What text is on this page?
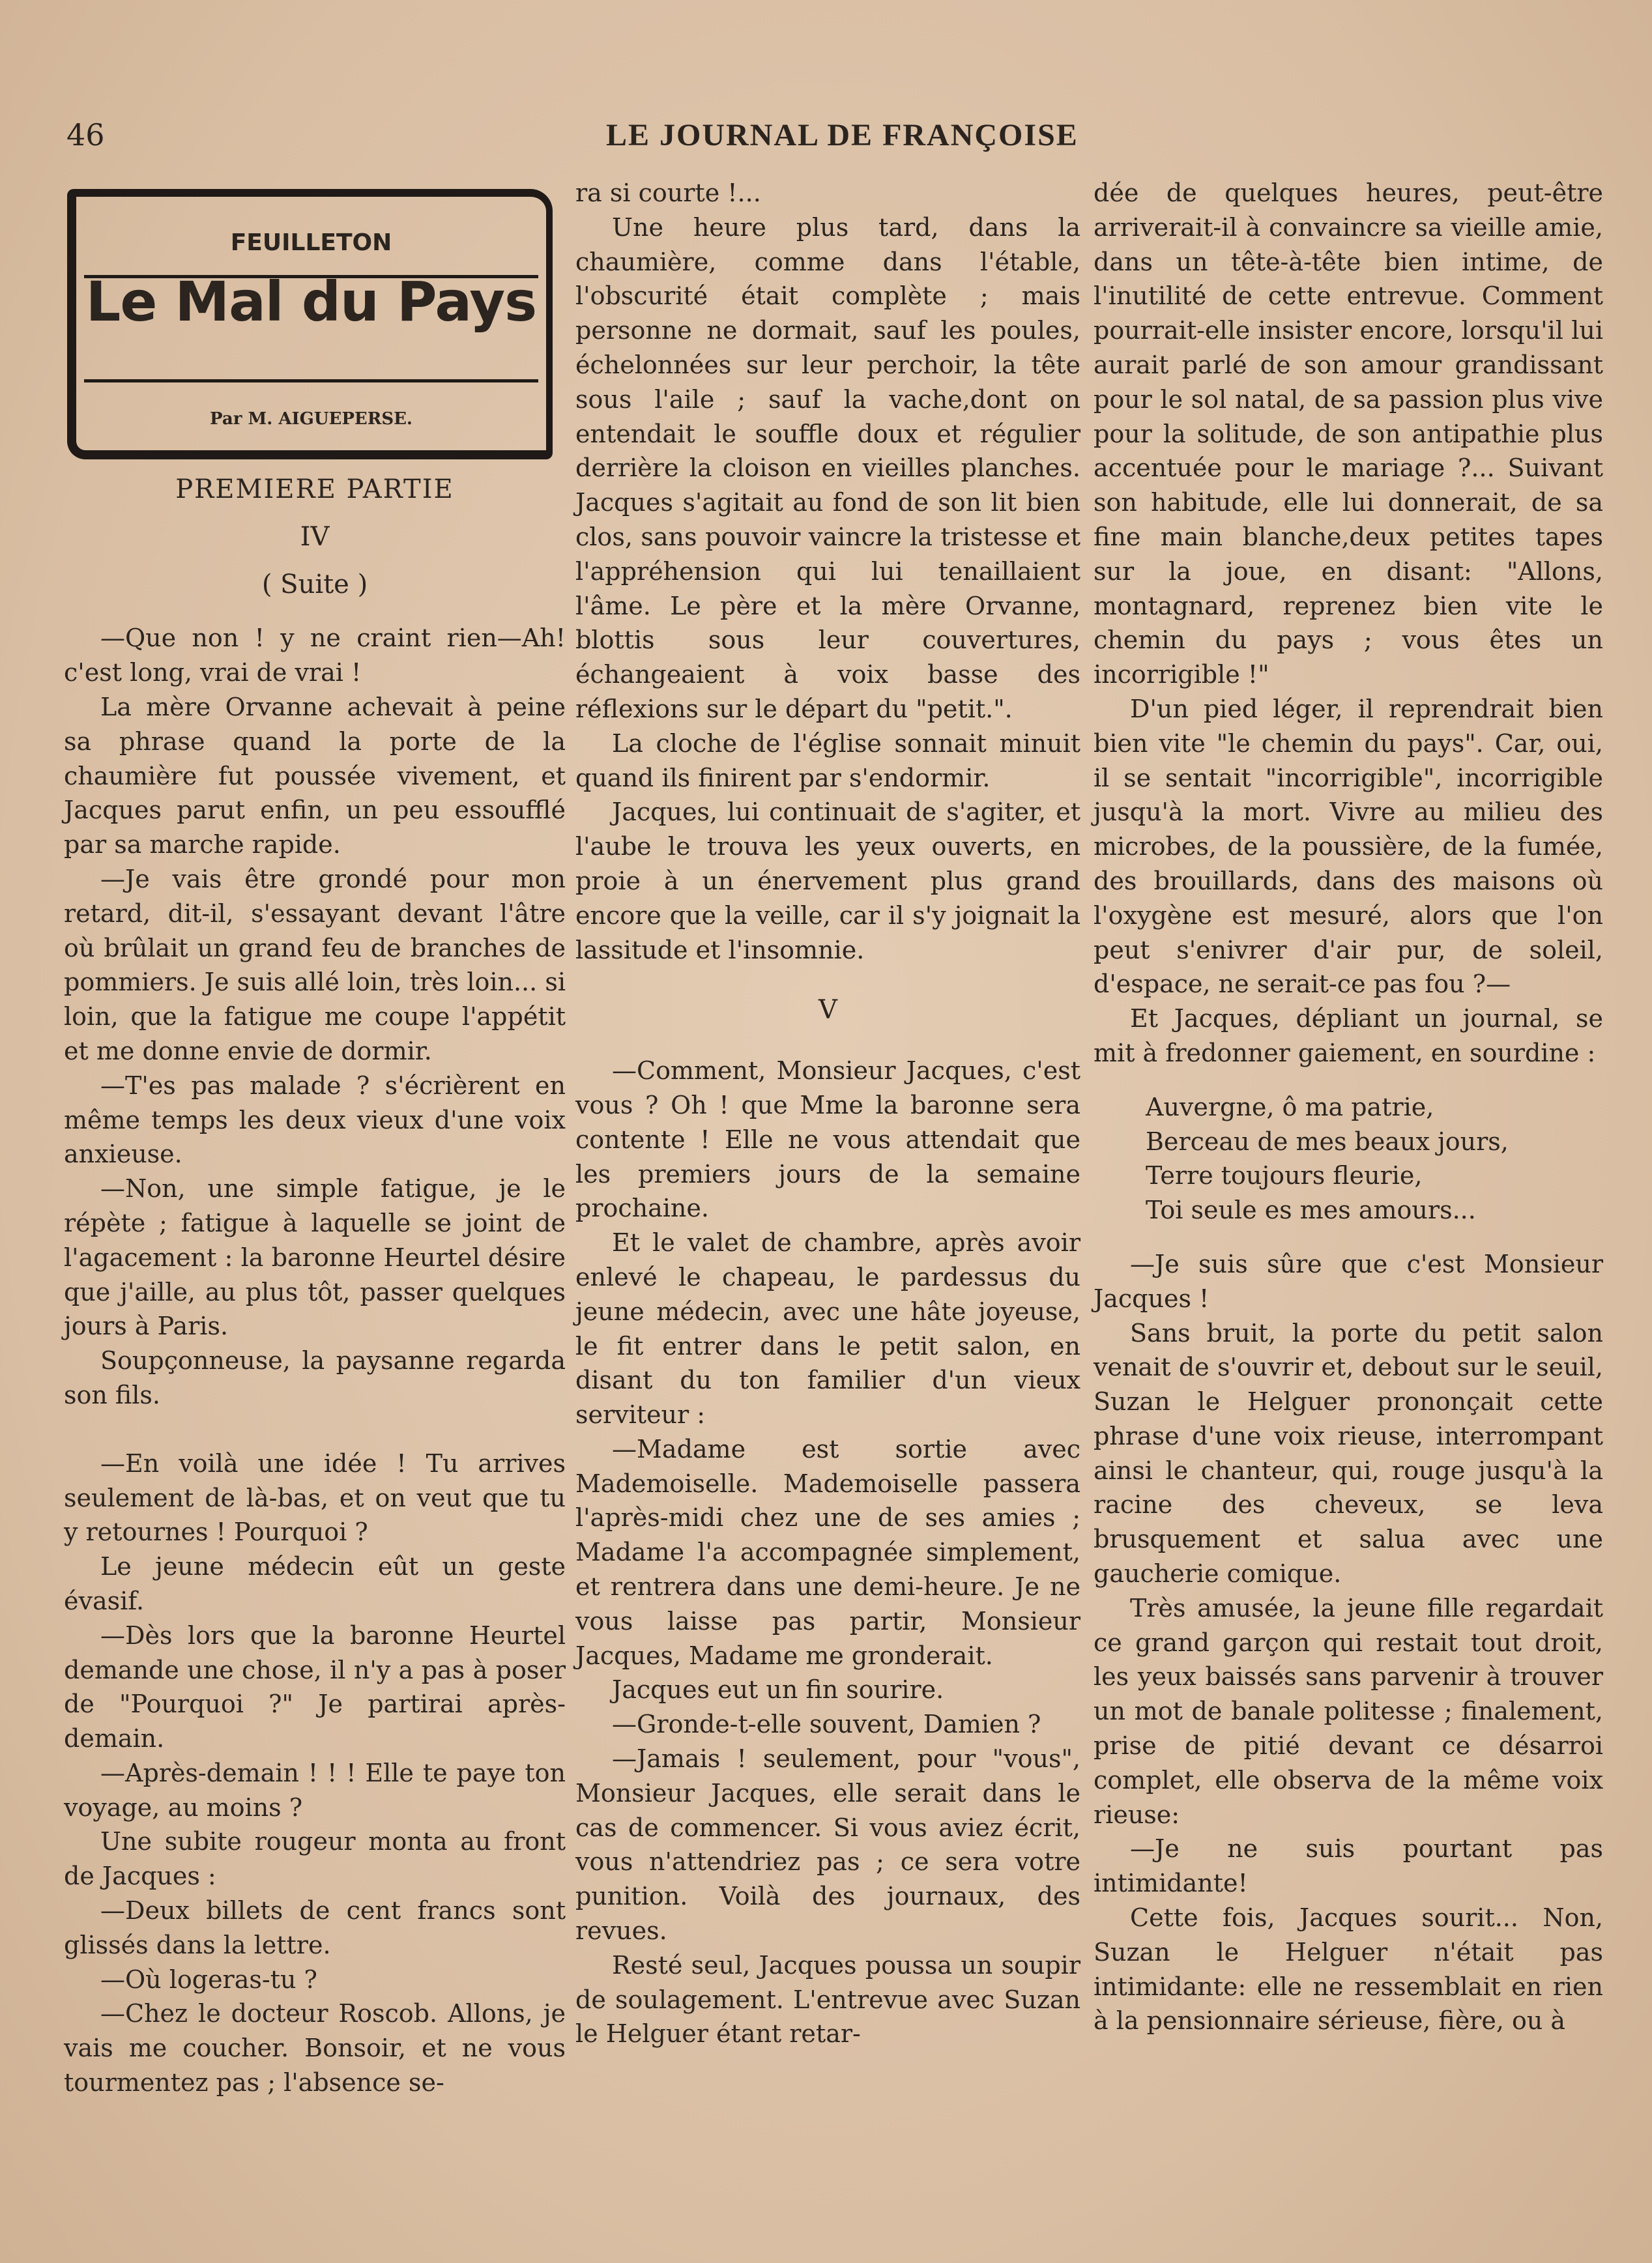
46	LE JOURNAL DE FRANÇOISE
FEUILLETON
Le Mal du Pays
Par M. AIGUEPERSE.
PREMIERE PARTIE
IV
( Suite )

—Que non ! y ne craint rien—Ah! c'est long, vrai de vrai !

La mère Orvanne achevait à peine sa phrase quand la porte de la chaumière fut poussée vivement, et Jacques parut enfin, un peu essoufflé par sa marche rapide.

—Je vais être grondé pour mon retard, dit-il, s'essayant devant l'âtre où brûlait un grand feu de branches de pommiers. Je suis allé loin, très loin... si loin, que la fatigue me coupe l'appétit et me donne envie de dormir.

—T'es pas malade ? s'écrièrent en même temps les deux vieux d'une voix anxieuse.

—Non, une simple fatigue, je le répète ; fatigue à laquelle se joint de l'agacement : la baronne Heurtel désire que j'aille, au plus tôt, passer quelques jours à Paris.

Soupçonneuse, la paysanne regarda son fils.

—En voilà une idée ! Tu arrives seulement de là-bas, et on veut que tu y retournes ! Pourquoi ?

Le jeune médecin eût un geste évasif.

—Dès lors que la baronne Heurtel demande une chose, il n'y a pas à poser de "Pourquoi ?" Je partirai après-demain.

—Après-demain ! ! ! Elle te paye ton voyage, au moins ?

Une subite rougeur monta au front de Jacques :

—Deux billets de cent francs sont glissés dans la lettre.

—Où logeras-tu ?

—Chez le docteur Roscob. Allons, je vais me coucher. Bonsoir, et ne vous tourmentez pas ; l'absence se-

ra si courte !...

Une heure plus tard, dans la chaumière, comme dans l'étable, l'obscurité était complète ; mais personne ne dormait, sauf les poules, échelonnées sur leur perchoir, la tête sous l'aile ; sauf la vache,dont on entendait le souffle doux et régulier derrière la cloison en vieilles planches. Jacques s'agitait au fond de son lit bien clos, sans pouvoir vaincre la tristesse et l'appréhension qui lui tenaillaient l'âme. Le père et la mère Orvanne, blottis sous leur couvertures, échangeaient à voix basse des réflexions sur le départ du "petit.".

La cloche de l'église sonnait minuit quand ils finirent par s'endormir.

Jacques, lui continuait de s'agiter, et l'aube le trouva les yeux ouverts, en proie à un énervement plus grand encore que la veille, car il s'y joignait la lassitude et l'insomnie.

V

—Comment, Monsieur Jacques, c'est vous ? Oh ! que Mme la baronne sera contente ! Elle ne vous attendait que les premiers jours de la semaine prochaine.

Et le valet de chambre, après avoir enlevé le chapeau, le pardessus du jeune médecin, avec une hâte joyeuse, le fit entrer dans le petit salon, en disant du ton familier d'un vieux serviteur :

—Madame est sortie avec Mademoiselle. Mademoiselle passera l'après-midi chez une de ses amies ; Madame l'a accompagnée simplement, et rentrera dans une demi-heure. Je ne vous laisse pas partir, Monsieur Jacques, Madame me gronderait.

Jacques eut un fin sourire.

—Gronde-t-elle souvent, Damien ?

—Jamais ! seulement, pour "vous", Monsieur Jacques, elle serait dans le cas de commencer. Si vous aviez écrit, vous n'attendriez pas ; ce sera votre punition. Voilà des journaux, des revues.

Resté seul, Jacques poussa un soupir de soulagement. L'entrevue avec Suzan le Helguer étant retar-

dée de quelques heures, peut-être arriverait-il à convaincre sa vieille amie, dans un tête-à-tête bien intime, de l'inutilité de cette entrevue. Comment pourrait-elle insister encore, lorsqu'il lui aurait parlé de son amour grandissant pour le sol natal, de sa passion plus vive pour la solitude, de son antipathie plus accentuée pour le mariage ?... Suivant son habitude, elle lui donnerait, de sa fine main blanche,deux petites tapes sur la joue, en disant: "Allons, montagnard, reprenez bien vite le chemin du pays ; vous êtes un incorrigible !"

D'un pied léger, il reprendrait bien bien vite "le chemin du pays". Car, oui, il se sentait "incorrigible", incorrigible jusqu'à la mort. Vivre au milieu des microbes, de la poussière, de la fumée, des brouillards, dans des maisons où l'oxygène est mesuré, alors que l'on peut s'enivrer d'air pur, de soleil, d'espace, ne serait-ce pas fou ?—

Et Jacques, dépliant un journal, se mit à fredonner gaiement, en sourdine :

Auvergne, ô ma patrie,
Berceau de mes beaux jours,
Terre toujours fleurie,
Toi seule es mes amours...

—Je suis sûre que c'est Monsieur Jacques !

Sans bruit, la porte du petit salon venait de s'ouvrir et, debout sur le seuil, Suzan le Helguer prononçait cette phrase d'une voix rieuse, interrompant ainsi le chanteur, qui, rouge jusqu'à la racine des cheveux, se leva brusquement et salua avec une gaucherie comique.

Très amusée, la jeune fille regardait ce grand garçon qui restait tout droit, les yeux baissés sans parvenir à trouver un mot de banale politesse ; finalement, prise de pitié devant ce désarroi complet, elle observa de la même voix rieuse:

—Je ne suis pourtant pas intimidante!

Cette fois, Jacques sourit... Non, Suzan le Helguer n'était pas intimidante: elle ne ressemblait en rien à la pensionnaire sérieuse, fière, ou à
